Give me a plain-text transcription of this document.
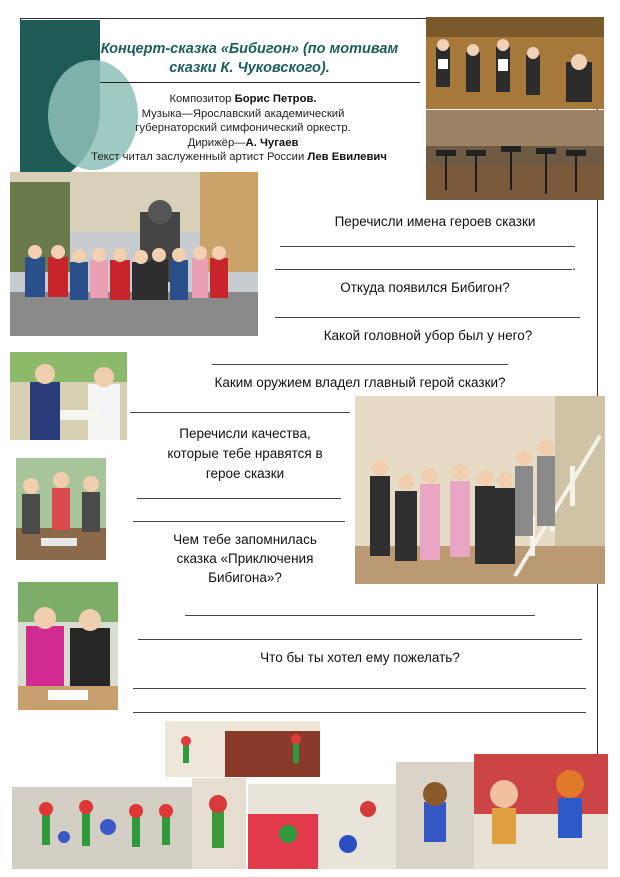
Концерт-сказка «Бибигон» (по мотивам
сказки К. Чуковского).
Композитор Борис Петров.
Музыка—Ярославский академический
губернаторский симфонический оркестр.
Дирижёр—А. Чугаев
Текст читал заслуженный артист России Лев Евилевич
Перечисли имена героев сказки
.
Откуда появился Бибигон?
Какой головной убор был у него?
Каким оружием владел главный герой сказки?
Перечисли качества,
которые тебе нравятся в
герое сказки
Чем тебе запомнилась
сказка «Приключения
Бибигона»?
Что бы ты хотел ему пожелать?
